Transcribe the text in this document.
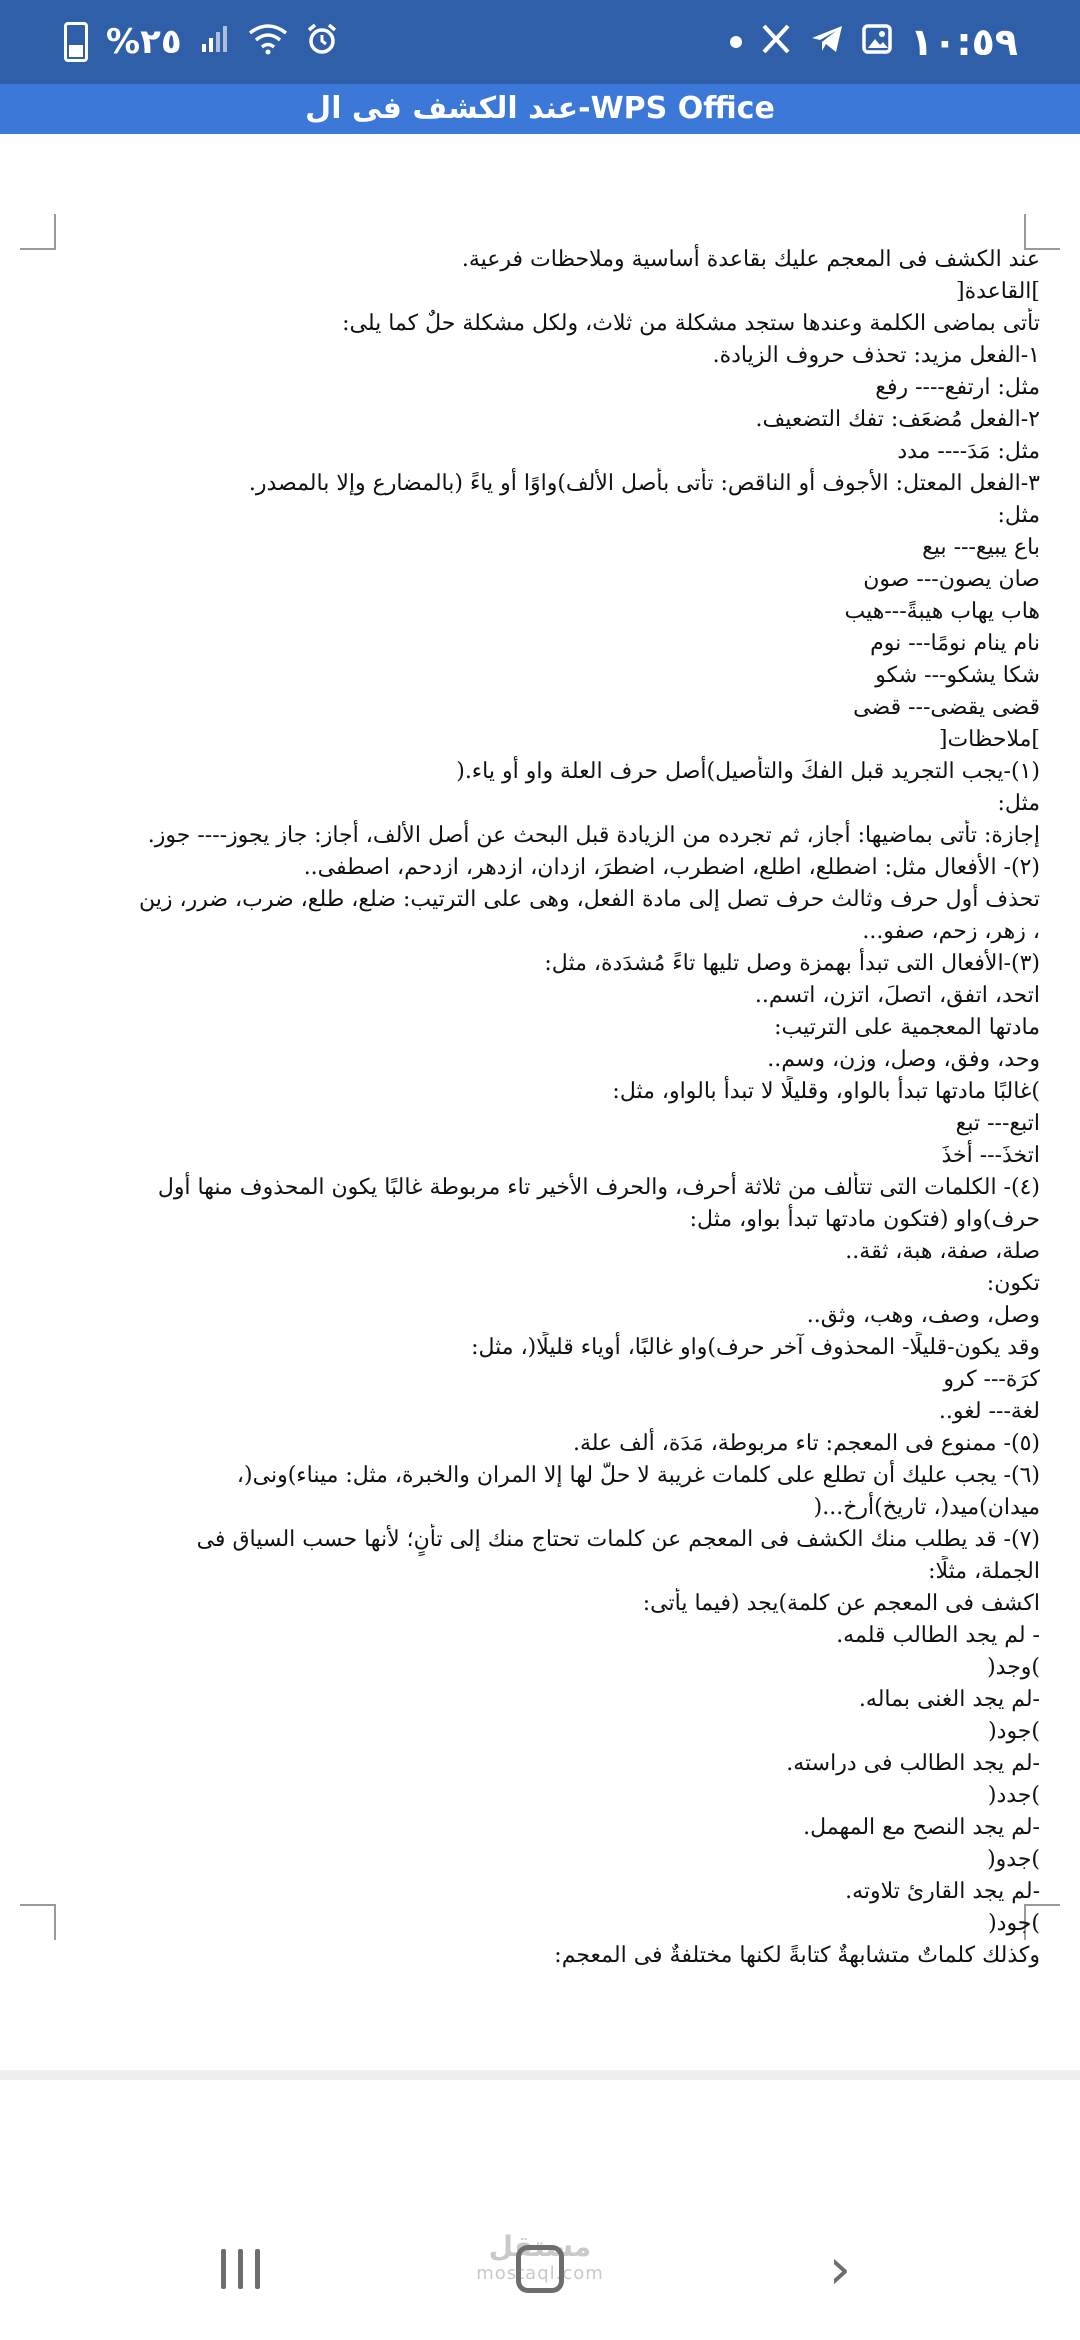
%٢٥	١٠:٥٩
عند الكشف فى ال-WPS Office
عند الكشف فى المعجم عليك بقاعدة أساسية وملاحظات فرعية.
]القاعدة[
تأتى بماضى الكلمة وعندها ستجد مشكلة من ثلاث، ولكل مشكلة حلٌ كما يلى:
١-الفعل مزيد: تحذف حروف الزيادة.
مثل: ارتفع---- رفع
٢-الفعل مُضعَف: تفك التضعيف.
مثل: مَدَ---- مدد
٣-الفعل المعتل: الأجوف أو الناقص: تأتى بأصل الألف)واوًا أو ياءً (بالمضارع وإلا بالمصدر.
مثل:
باع يبيع--- بيع
صان يصون--- صون
هاب يهاب هيبةً---هيب
نام ينام نومًا--- نوم
شكا يشكو--- شكو
قضى يقضى--- قضى
]ملاحظات[
(١)-يجب التجريد قبل الفكَ والتأصيل)أصل حرف العلة واو أو ياء.(
مثل:
إجازة: تأتى بماضيها: أجاز، ثم تجرده من الزيادة قبل البحث عن أصل الألف، أجاز: جاز يجوز---- جوز.
(٢)- الأفعال مثل: اضطلع، اطلع، اضطرب، اضطرَ، ازدان، ازدهر، ازدحم، اصطفى..
تحذف أول حرف وثالث حرف تصل إلى مادة الفعل، وهى على الترتيب: ضلع، طلع، ضرب، ضرر، زين
، زهر، زحم، صفو...
(٣)-الأفعال التى تبدأ بهمزة وصل تليها تاءً مُشدَدة، مثل:
اتحد، اتفق، اتصلَ، اتزن، اتسم..
مادتها المعجمية على الترتيب:
وحد، وفق، وصل، وزن، وسم..
)غالبًا مادتها تبدأ بالواو، وقليلًا لا تبدأ بالواو، مثل:
اتبع--- تبع
اتخذَ--- أخذَ
(٤)- الكلمات التى تتألف من ثلاثة أحرف، والحرف الأخير تاء مربوطة غالبًا يكون المحذوف منها أول
حرف)واو (فتكون مادتها تبدأ بواو، مثل:
صلة، صفة، هبة، ثقة..
تكون:
وصل، وصف، وهب، وثق..
وقد يكون-قليلًا- المحذوف آخر حرف)واو غالبًا، أوياء قليلًا(، مثل:
كرَة--- كرو
لغة--- لغو..
(٥)- ممنوع فى المعجم: تاء مربوطة، مَدَة، ألف علة.
(٦)- يجب عليك أن تطلع على كلمات غريبة لا حلّ لها إلا المران والخبرة، مثل: ميناء)ونى(،
ميدان)ميد(، تاريخ)أرخ...(
(٧)- قد يطلب منك الكشف فى المعجم عن كلمات تحتاج منك إلى تأنٍ؛ لأنها حسب السياق فى
الجملة، مثلًا:
اكشف فى المعجم عن كلمة)يجد (فيما يأتى:
- لم يجد الطالب قلمه.
)وجد(
-لم يجد الغنى بماله.
)جود(
-لم يجد الطالب فى دراسته.
)جدد(
-لم يجد النصح مع المهمل.
)جدو(
-لم يجد القارئ تلاوته.
)جود(
وكذلك كلماتٌ متشابهةٌ كتابةً لكنها مختلفةٌ فى المعجم:
مستقل
mostaql.com	›
